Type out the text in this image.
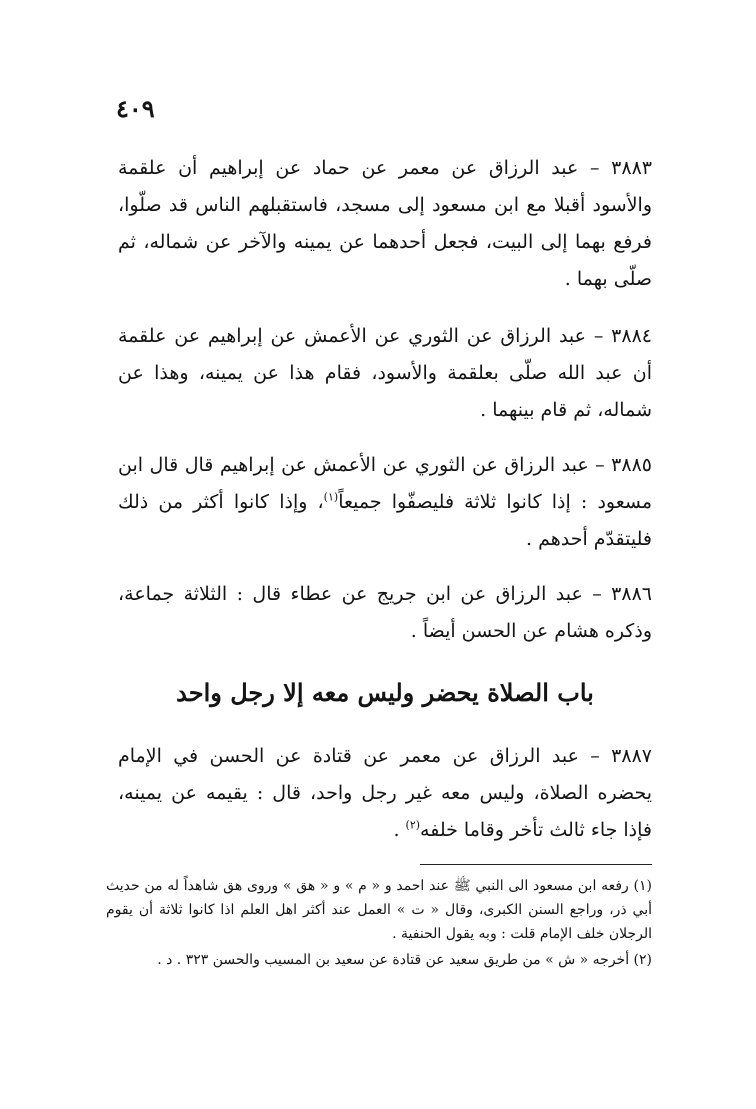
٤٠٩

٣٨٨٣ – عبد الرزاق عن معمر عن حماد عن إبراهيم أن علقمة والأسود أقبلا مع ابن مسعود إلى مسجد، فاستقبلهم الناس قد صلّوا، فرفع بهما إلى البيت، فجعل أحدهما عن يمينه والآخر عن شماله، ثم صلّى بهما .

٣٨٨٤ – عبد الرزاق عن الثوري عن الأعمش عن إبراهيم عن علقمة أن عبد الله صلّى بعلقمة والأسود، فقام هذا عن يمينه، وهذا عن شماله، ثم قام بينهما .

٣٨٨٥ – عبد الرزاق عن الثوري عن الأعمش عن إبراهيم قال قال ابن مسعود : إذا كانوا ثلاثة فليصفّوا جميعاً$^{(١)}$، وإذا كانوا أكثر من ذلك فليتقدّم أحدهم .

٣٨٨٦ – عبد الرزاق عن ابن جريج عن عطاء قال : الثلاثة جماعة، وذكره هشام عن الحسن أيضاً .

باب الصلاة يحضر وليس معه إلا رجل واحد

٣٨٨٧ – عبد الرزاق عن معمر عن قتادة عن الحسن في الإمام يحضره الصلاة، وليس معه غير رجل واحد، قال : يقيمه عن يمينه، فإذا جاء ثالث تأخر وقاما خلفه$^{(٢)}$ .

(١) رفعه ابن مسعود الى النبي ﷺ عند احمد و « م » و « هق » وروى هق شاهداً له من حديث أبي ذر، وراجع السنن الكبرى، وقال « ت » العمل عند أكثر اهل العلم اذا كانوا ثلاثة أن يقوم الرجلان خلف الإمام قلت : وبه يقول الحنفية .

(٢) أخرجه « ش » من طريق سعيد عن قتادة عن سعيد بن المسيب والحسن ٣٢٣ . د .
